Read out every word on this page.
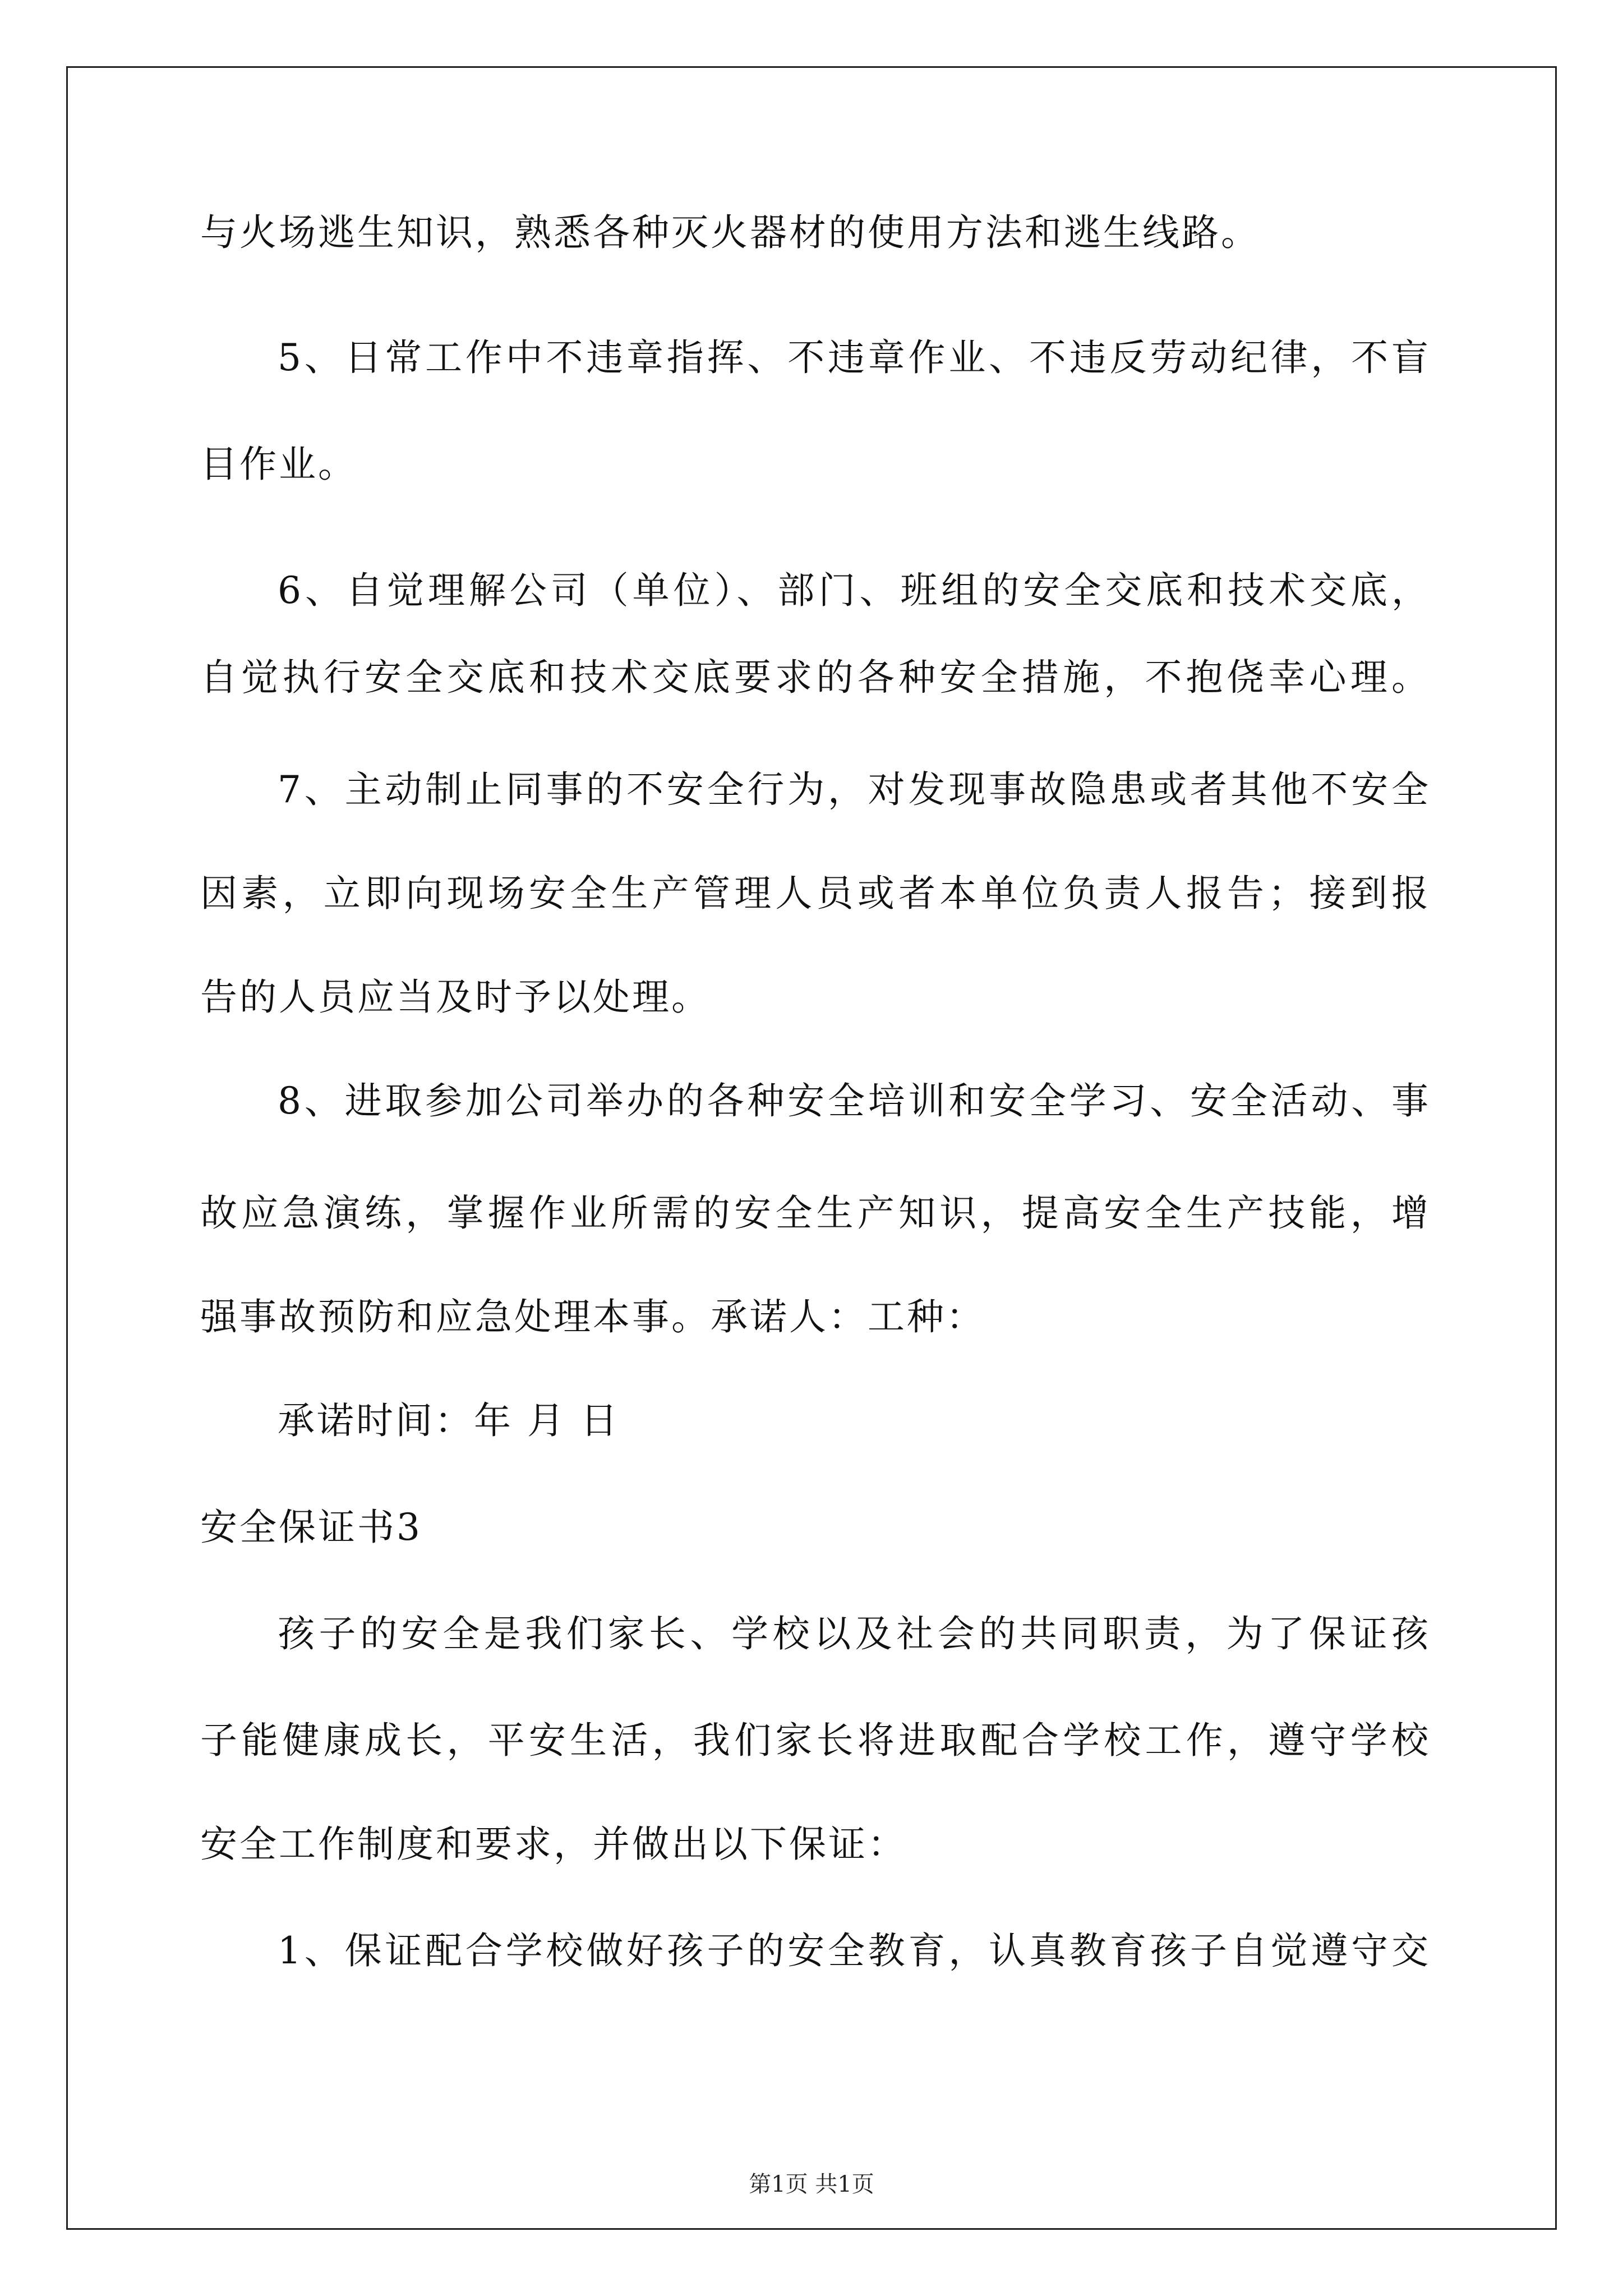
与火场逃生知识，熟悉各种灭火器材的使用方法和逃生线路。
5、日常工作中不违章指挥、不违章作业、不违反劳动纪律，不盲
目作业。
6、自觉理解公司（单位）、部门、班组的安全交底和技术交底，
自觉执行安全交底和技术交底要求的各种安全措施，不抱侥幸心理。
7、主动制止同事的不安全行为，对发现事故隐患或者其他不安全
因素，立即向现场安全生产管理人员或者本单位负责人报告；接到报
告的人员应当及时予以处理。
8、进取参加公司举办的各种安全培训和安全学习、安全活动、事
故应急演练，掌握作业所需的安全生产知识，提高安全生产技能，增
强事故预防和应急处理本事。承诺人：工种：
承诺时间：年 月 日
安全保证书3
孩子的安全是我们家长、学校以及社会的共同职责，为了保证孩
子能健康成长，平安生活，我们家长将进取配合学校工作，遵守学校
安全工作制度和要求，并做出以下保证：
1、保证配合学校做好孩子的安全教育，认真教育孩子自觉遵守交
第1页 共1页
